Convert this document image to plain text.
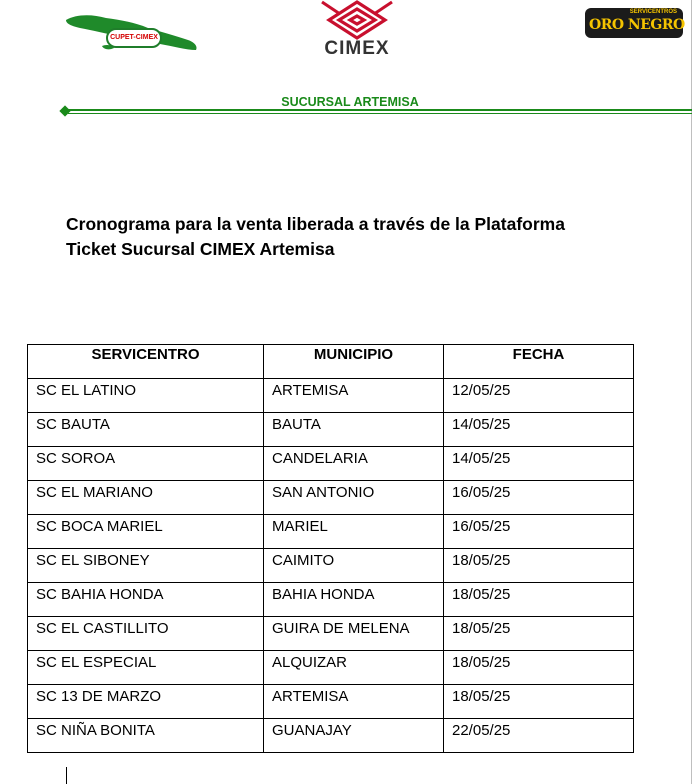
CUPET-CIMEX
CIMEX
SERVICENTROS
ORO NEGRO
SUCURSAL ARTEMISA
Cronograma para la venta liberada a través de la Plataforma
Ticket Sucursal CIMEX Artemisa
SERVICENTRO	MUNICIPIO	FECHA
SC EL LATINO	ARTEMISA	12/05/25
SC BAUTA	BAUTA	14/05/25
SC SOROA	CANDELARIA	14/05/25
SC EL MARIANO	SAN ANTONIO	16/05/25
SC BOCA MARIEL	MARIEL	16/05/25
SC EL SIBONEY	CAIMITO	18/05/25
SC BAHIA HONDA	BAHIA HONDA	18/05/25
SC EL CASTILLITO	GUIRA DE MELENA	18/05/25
SC EL ESPECIAL	ALQUIZAR	18/05/25
SC 13 DE MARZO	ARTEMISA	18/05/25
SC NIÑA BONITA	GUANAJAY	22/05/25
